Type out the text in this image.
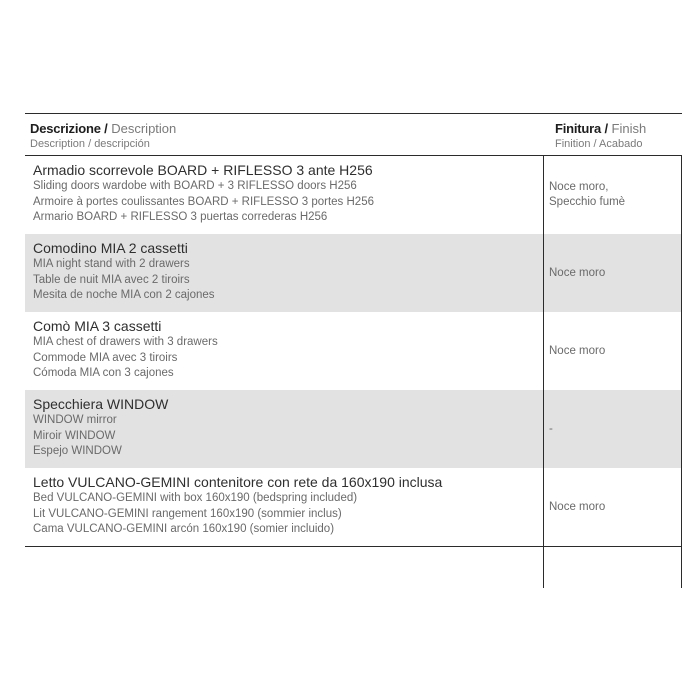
Descrizione / Description
Description / descripción
Finitura / Finish
Finition / Acabado
Armadio scorrevole BOARD + RIFLESSO 3 ante H256
Sliding doors wardobe with BOARD + 3 RIFLESSO doors H256
Armoire à portes coulissantes BOARD + RIFLESSO 3 portes H256
Armario BOARD + RIFLESSO 3 puertas correderas H256
Noce moro,
Specchio fumè
Comodino MIA 2 cassetti
MIA night stand with 2 drawers
Table de nuit MIA avec 2 tiroirs
Mesita de noche MIA con 2 cajones
Noce moro
Comò MIA 3 cassetti
MIA chest of drawers with 3 drawers
Commode MIA avec 3 tiroirs
Cómoda MIA con 3 cajones
Noce moro
Specchiera WINDOW
WINDOW mirror
Miroir WINDOW
Espejo WINDOW
-
Letto VULCANO-GEMINI contenitore con rete da 160x190 inclusa
Bed VULCANO-GEMINI with box 160x190 (bedspring included)
Lit VULCANO-GEMINI rangement 160x190 (sommier inclus)
Cama VULCANO-GEMINI arcón 160x190 (somier incluido)
Noce moro
